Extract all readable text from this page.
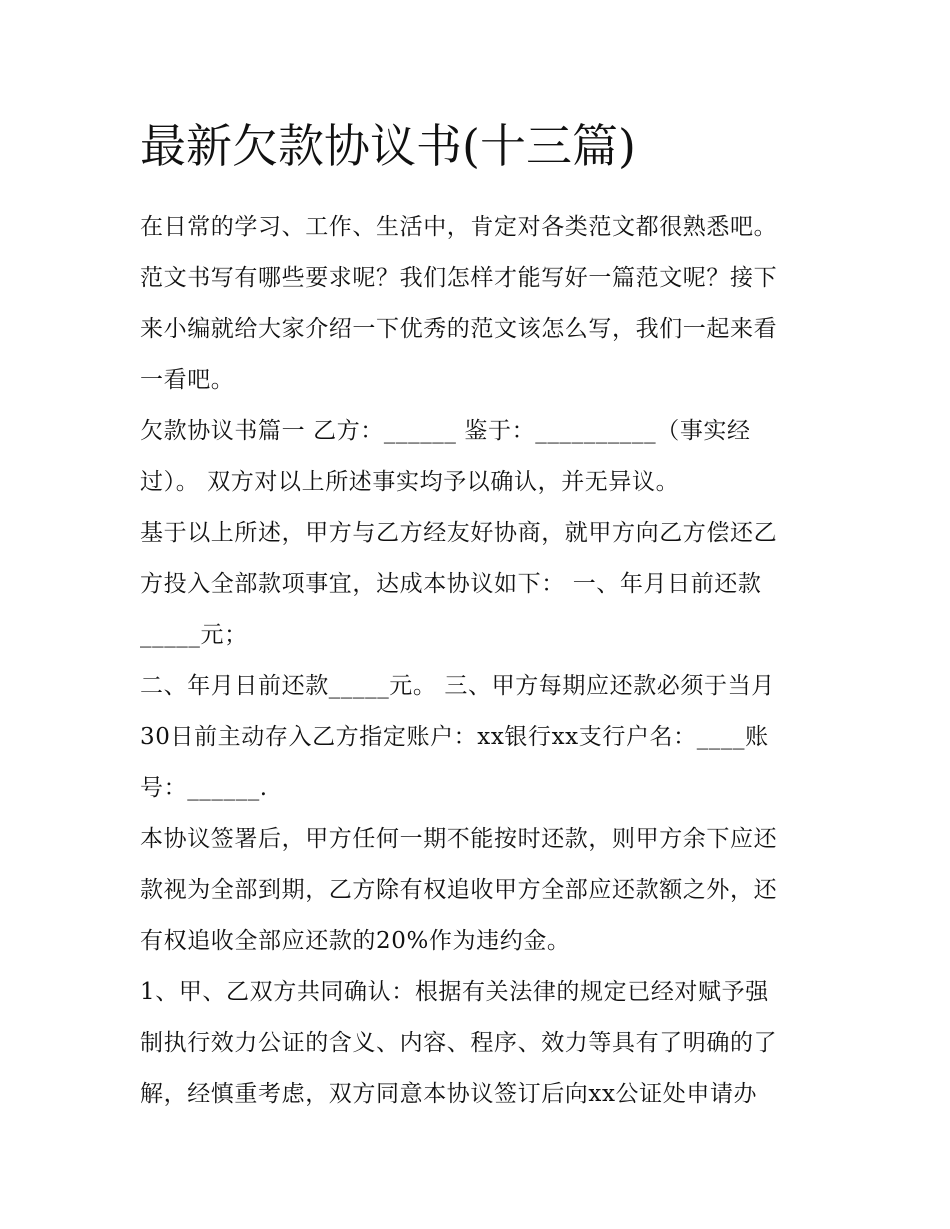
最新欠款协议书(十三篇)
在日常的学习、工作、生活中，肯定对各类范文都很熟悉吧。
范文书写有哪些要求呢？我们怎样才能写好一篇范文呢？接下
来小编就给大家介绍一下优秀的范文该怎么写，我们一起来看
一看吧。
欠款协议书篇一 乙方：______ 鉴于：__________（事实经
过）。 双方对以上所述事实均予以确认，并无异议。
基于以上所述，甲方与乙方经友好协商，就甲方向乙方偿还乙
方投入全部款项事宜，达成本协议如下： 一、年月日前还款
_____元；
二、年月日前还款_____元。 三、甲方每期应还款必须于当月
30日前主动存入乙方指定账户：xx银行xx支行户名：____账
号：______.
本协议签署后，甲方任何一期不能按时还款，则甲方余下应还
款视为全部到期，乙方除有权追收甲方全部应还款额之外，还
有权追收全部应还款的20%作为违约金。
1、甲、乙双方共同确认：根据有关法律的规定已经对赋予强
制执行效力公证的含义、内容、程序、效力等具有了明确的了
解，经慎重考虑，双方同意本协议签订后向xx公证处申请办
